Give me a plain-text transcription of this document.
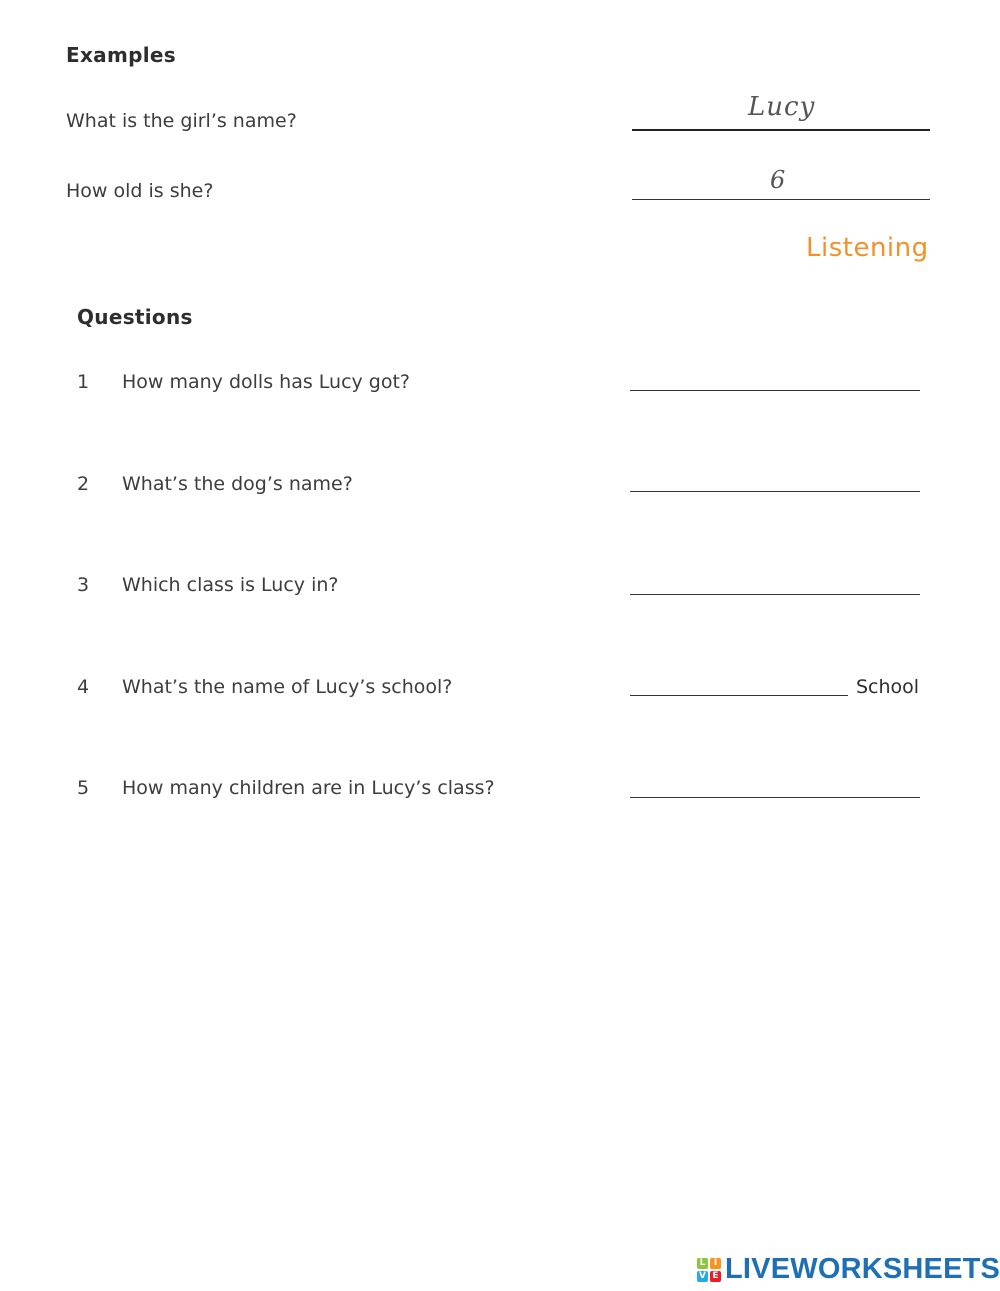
Examples
What is the girl’s name?	Lucy
How old is she?	6
Listening
Questions
1 How many dolls has Lucy got?
2 What’s the dog’s name?
3 Which class is Lucy in?
4 What’s the name of Lucy’s school?	School
5 How many children are in Lucy’s class?
L I
V E LIVEWORKSHEETS
